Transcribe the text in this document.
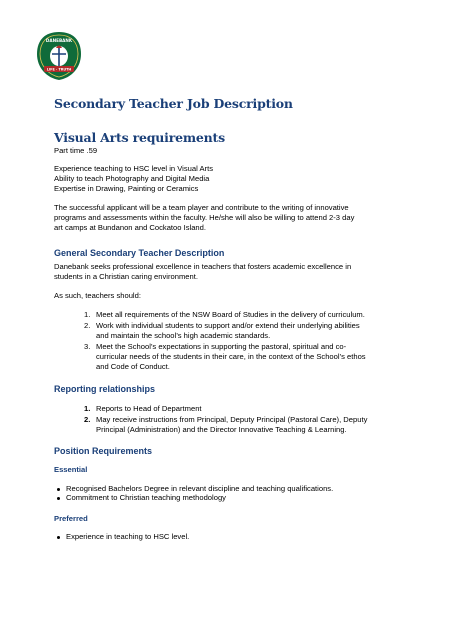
DANEBANK
LIFE · TRUTH
Secondary Teacher Job Description
Visual Arts requirements
Part time .59
Experience teaching to HSC level in Visual Arts
Ability to teach Photography and Digital Media
Expertise in Drawing, Painting or Ceramics
The successful applicant will be a team player and contribute to the writing of innovative
programs and assessments within the faculty. He/she will also be willing to attend 2-3 day
art camps at Bundanon and Cockatoo Island.
General Secondary Teacher Description
Danebank seeks professional excellence in teachers that fosters academic excellence in
students in a Christian caring environment.
As such, teachers should:
1. Meet all requirements of the NSW Board of Studies in the delivery of curriculum.
2. Work with individual students to support and/or extend their underlying abilities
and maintain the school’s high academic standards.
3. Meet the School’s expectations in supporting the pastoral, spiritual and co-
curricular needs of the students in their care, in the context of the School’s ethos
and Code of Conduct.
Reporting relationships
1. Reports to Head of Department
2. May receive instructions from Principal, Deputy Principal (Pastoral Care), Deputy
Principal (Administration) and the Director Innovative Teaching & Learning.
Position Requirements
Essential
Recognised Bachelors Degree in relevant discipline and teaching qualifications.
Commitment to Christian teaching methodology
Preferred
Experience in teaching to HSC level.
